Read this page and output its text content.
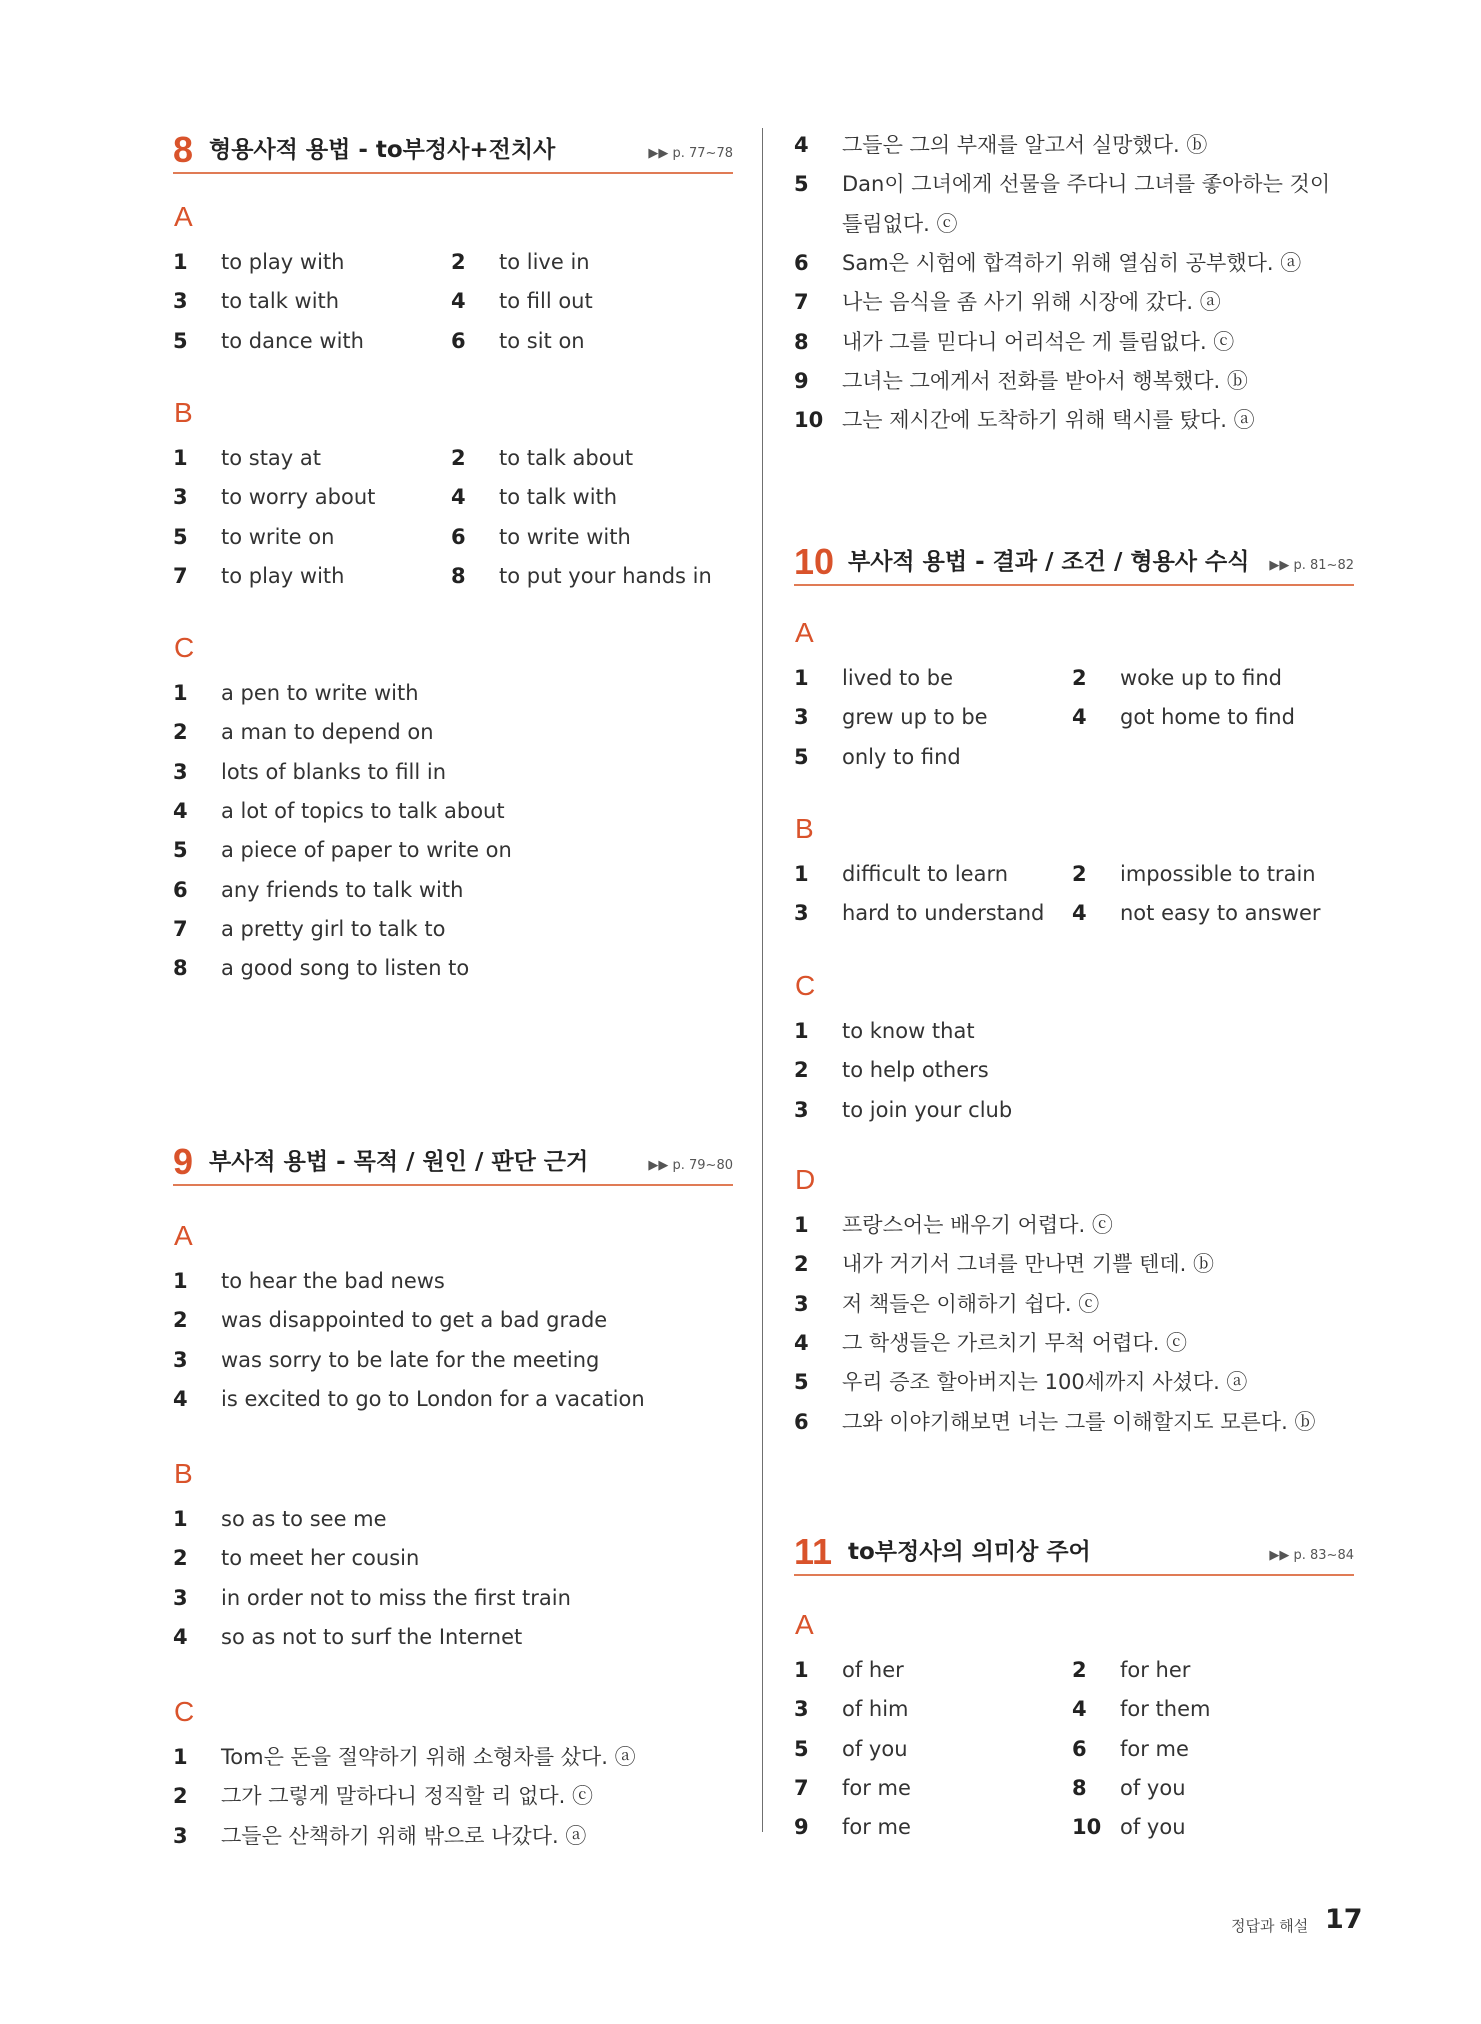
8 형용사적 용법 - to부정사+전치사	▶▶ p. 77~78
A
1 to play with	2 to live in
3 to talk with	4 to fill out
5 to dance with	6 to sit on
B
1 to stay at	2 to talk about
3 to worry about	4 to talk with
5 to write on	6 to write with
7 to play with	8 to put your hands in
C
1 a pen to write with
2 a man to depend on
3 lots of blanks to fill in
4 a lot of topics to talk about
5 a piece of paper to write on
6 any friends to talk with
7 a pretty girl to talk to
8 a good song to listen to
9 부사적 용법 - 목적 / 원인 / 판단 근거	▶▶ p. 79~80
A
1 to hear the bad news
2 was disappointed to get a bad grade
3 was sorry to be late for the meeting
4 is excited to go to London for a vacation
B
1 so as to see me
2 to meet her cousin
3 in order not to miss the first train
4 so as not to surf the Internet
C
1 Tom은 돈을 절약하기 위해 소형차를 샀다. ⓐ
2 그가 그렇게 말하다니 정직할 리 없다. ⓒ
3 그들은 산책하기 위해 밖으로 나갔다. ⓐ
4 그들은 그의 부재를 알고서 실망했다. ⓑ
5 Dan이 그녀에게 선물을 주다니 그녀를 좋아하는 것이
틀림없다. ⓒ
6 Sam은 시험에 합격하기 위해 열심히 공부했다. ⓐ
7 나는 음식을 좀 사기 위해 시장에 갔다. ⓐ
8 내가 그를 믿다니 어리석은 게 틀림없다. ⓒ
9 그녀는 그에게서 전화를 받아서 행복했다. ⓑ
10 그는 제시간에 도착하기 위해 택시를 탔다. ⓐ
10 부사적 용법 - 결과 / 조건 / 형용사 수식 ▶▶ p. 81~82
A
1 lived to be	2 woke up to find
3 grew up to be	4 got home to find
5 only to find
B
1 difficult to learn	2 impossible to train
3 hard to understand 4 not easy to answer
C
1 to know that
2 to help others
3 to join your club
D
1 프랑스어는 배우기 어렵다. ⓒ
2 내가 거기서 그녀를 만나면 기쁠 텐데. ⓑ
3 저 책들은 이해하기 쉽다. ⓒ
4 그 학생들은 가르치기 무척 어렵다. ⓒ
5 우리 증조 할아버지는 100세까지 사셨다. ⓐ
6 그와 이야기해보면 너는 그를 이해할지도 모른다. ⓑ
11 to부정사의 의미상 주어	▶▶ p. 83~84
A
1 of her	2 for her
3 of him	4 for them
5 of you	6 for me
7 for me	8 of you
9 for me	10 of you
정답과 해설 17
